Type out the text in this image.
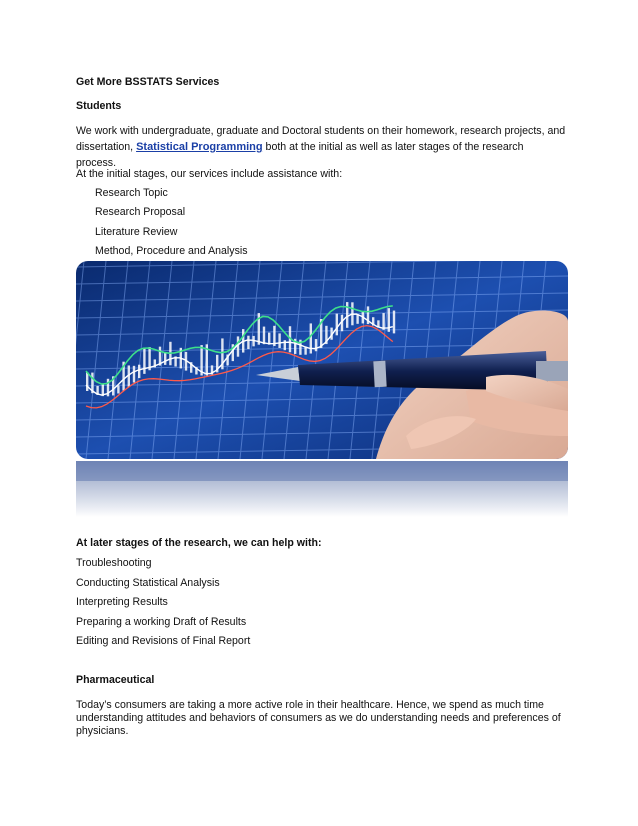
Get More BSSTATS Services

Students

We work with undergraduate, graduate and Doctoral students on their homework, research projects, and dissertation, Statistical Programming both at the initial as well as later stages of the research process.

At the initial stages, our services include assistance with:

Research Topic

Research Proposal

Literature Review

Method, Procedure and Analysis

At later stages of the research, we can help with:

Troubleshooting

Conducting Statistical Analysis

Interpreting Results

Preparing a working Draft of Results

Editing and Revisions of Final Report

Pharmaceutical

Today’s consumers are taking a more active role in their healthcare. Hence, we spend as much time understanding attitudes and behaviors of consumers as we do understanding needs and preferences of physicians.
